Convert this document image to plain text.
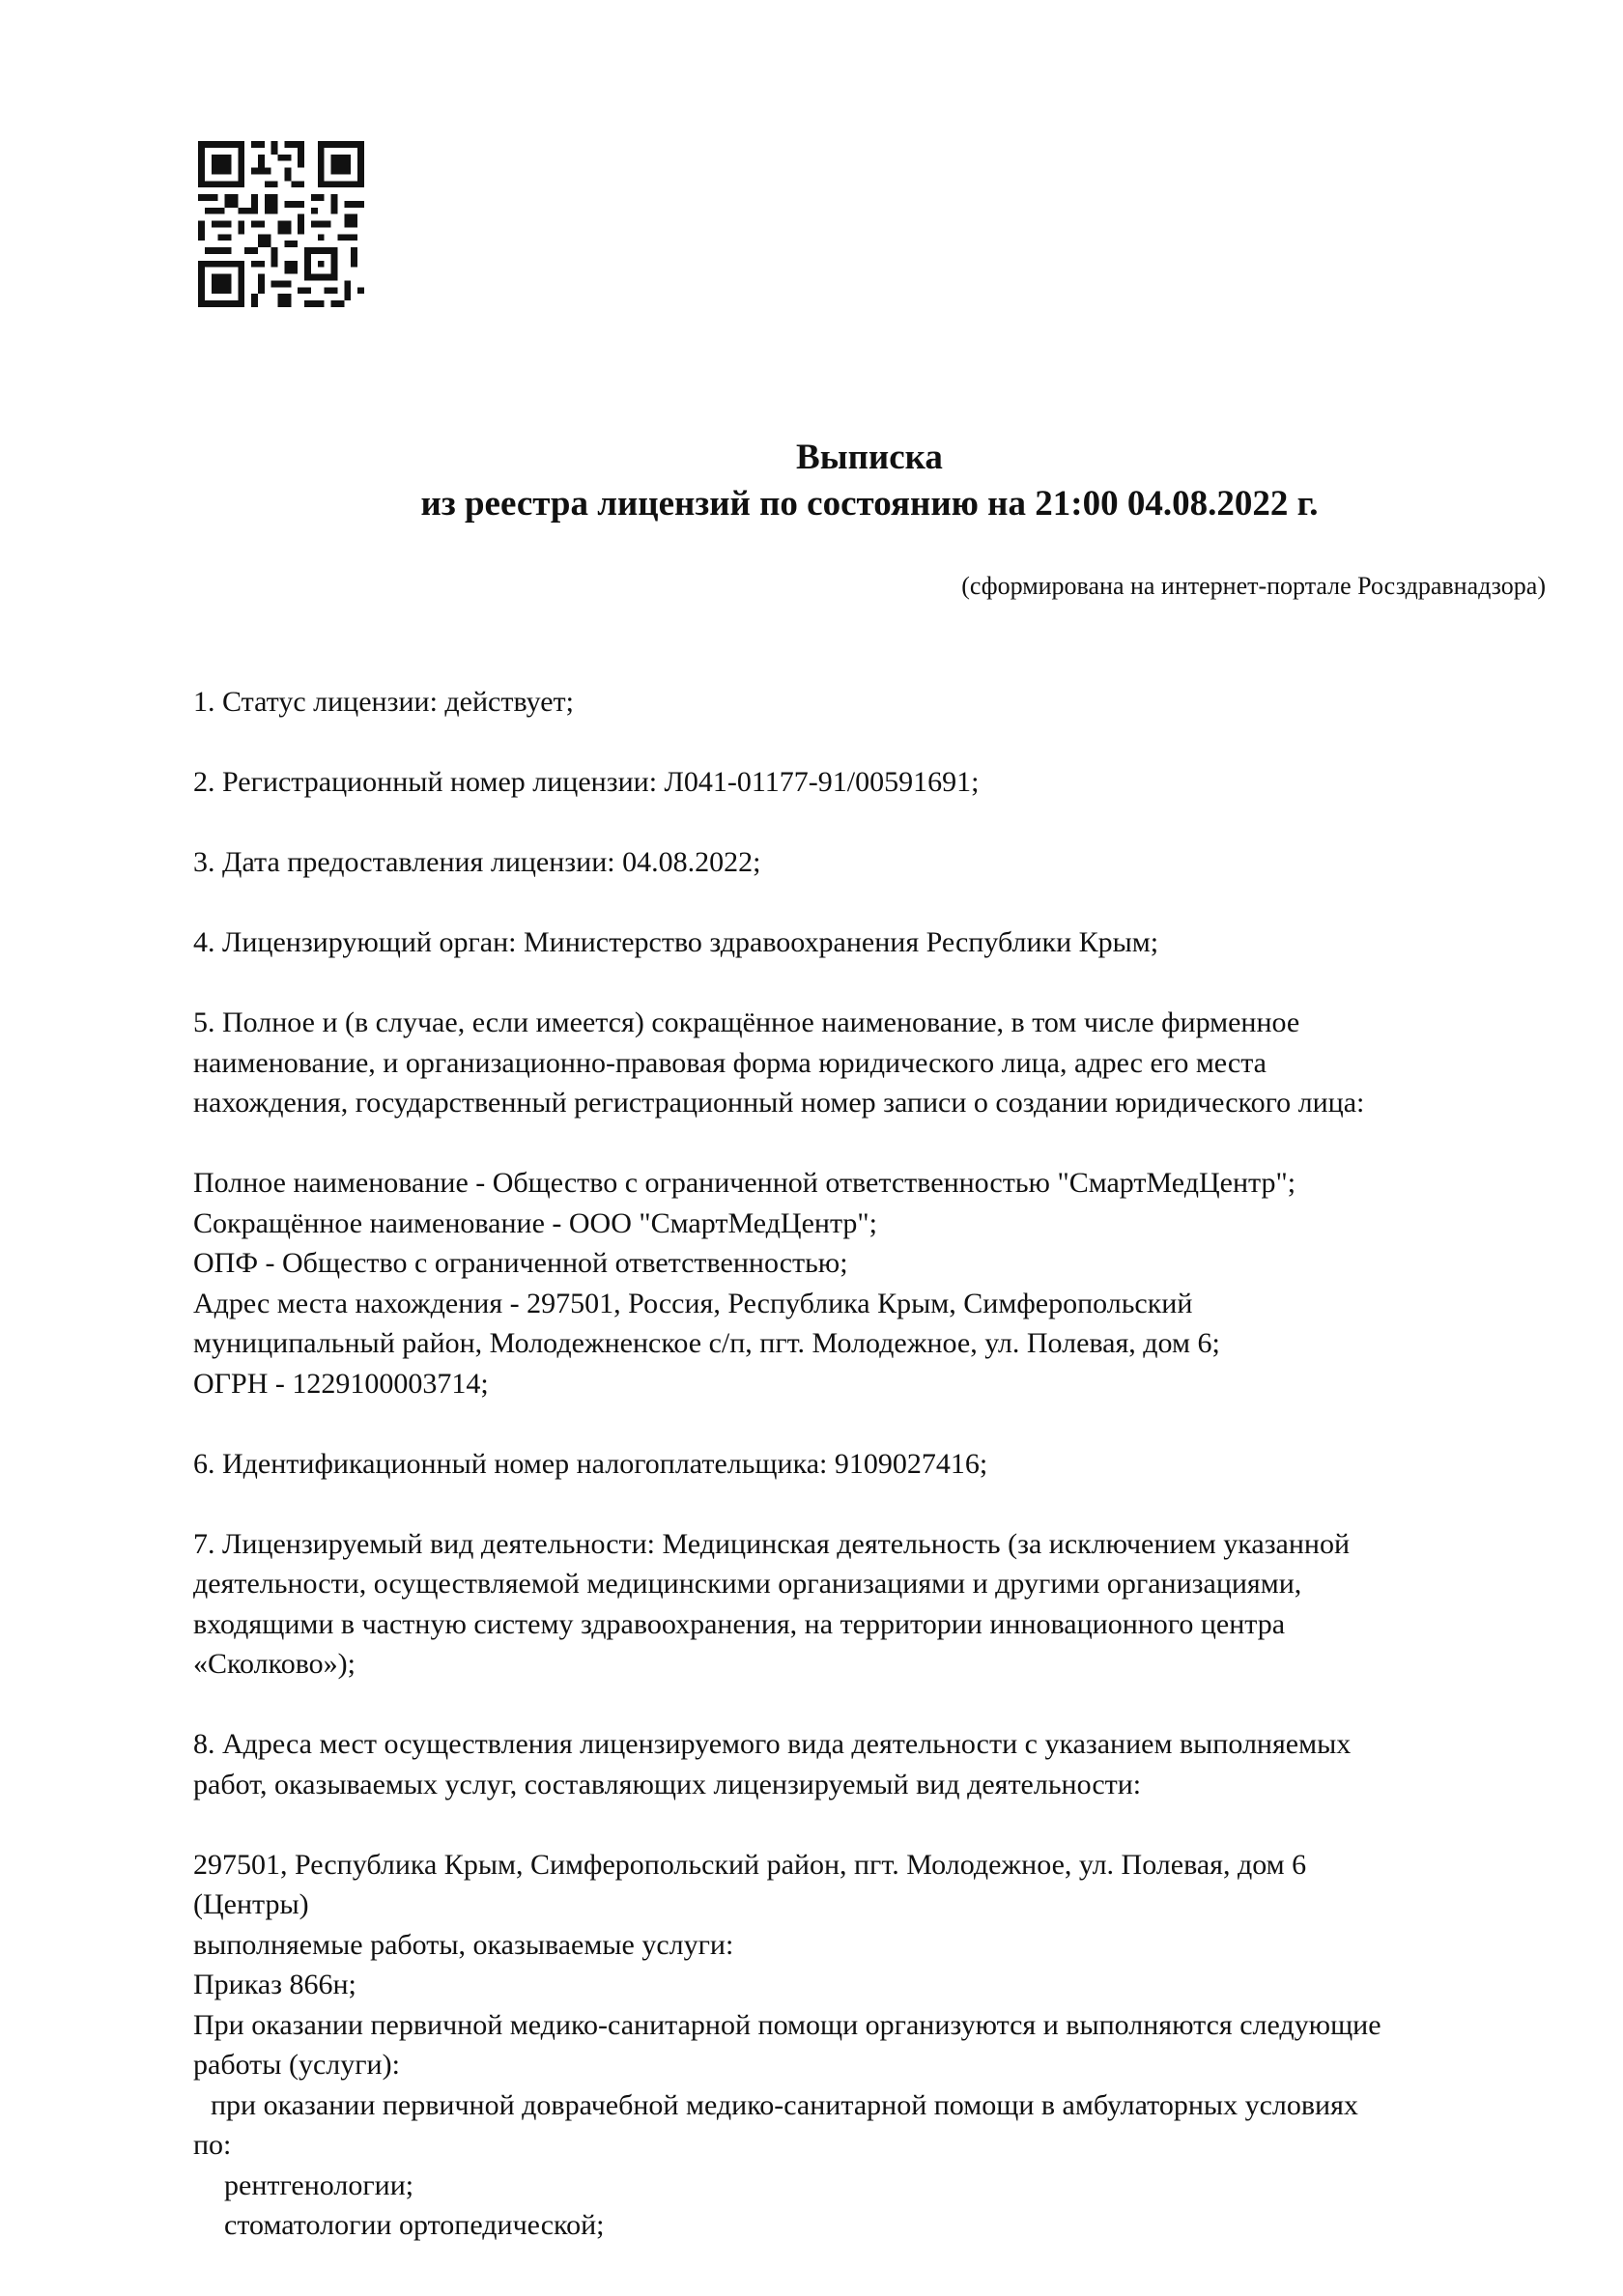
Выписка
из реестра лицензий по состоянию на 21:00 04.08.2022 г.
(сформирована на интернет-портале Росздравнадзора)
1. Статус лицензии: действует;
2. Регистрационный номер лицензии: Л041-01177-91/00591691;
3. Дата предоставления лицензии: 04.08.2022;
4. Лицензирующий орган: Министерство здравоохранения Республики Крым;
5. Полное и (в случае, если имеется) сокращённое наименование, в том числе фирменное
наименование, и организационно-правовая форма юридического лица, адрес его места
нахождения, государственный регистрационный номер записи о создании юридического лица:
Полное наименование - Общество с ограниченной ответственностью "СмартМедЦентр";
Сокращённое наименование - ООО "СмартМедЦентр";
ОПФ - Общество с ограниченной ответственностью;
Адрес места нахождения - 297501, Россия, Республика Крым, Симферопольский
муниципальный район, Молодежненское с/п, пгт. Молодежное, ул. Полевая, дом 6;
ОГРН - 1229100003714;
6. Идентификационный номер налогоплательщика: 9109027416;
7. Лицензируемый вид деятельности: Медицинская деятельность (за исключением указанной
деятельности, осуществляемой медицинскими организациями и другими организациями,
входящими в частную систему здравоохранения, на территории инновационного центра
«Сколково»);
8. Адреса мест осуществления лицензируемого вида деятельности с указанием выполняемых
работ, оказываемых услуг, составляющих лицензируемый вид деятельности:
297501, Республика Крым, Симферопольский район, пгт. Молодежное, ул. Полевая, дом 6
(Центры)
выполняемые работы, оказываемые услуги:
Приказ 866н;
При оказании первичной медико-санитарной помощи организуются и выполняются следующие
работы (услуги):
при оказании первичной доврачебной медико-санитарной помощи в амбулаторных условиях
по:
рентгенологии;
стоматологии ортопедической;
